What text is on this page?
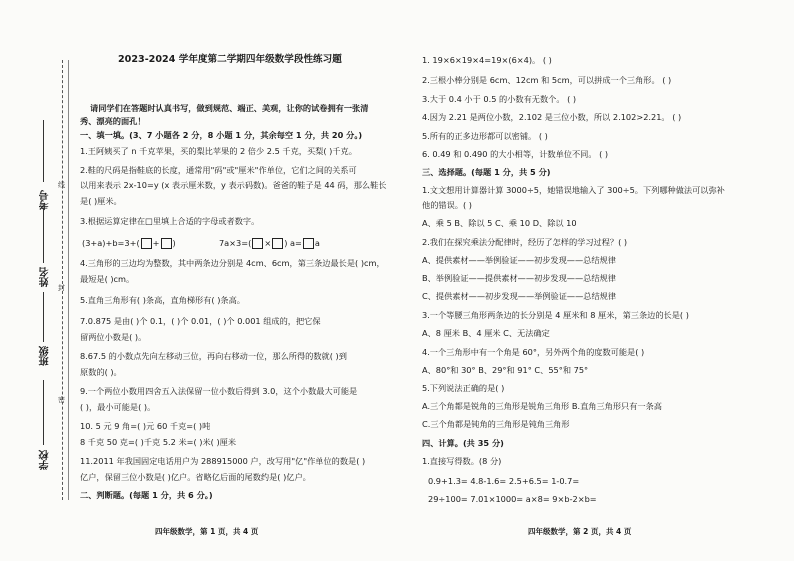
考号
姓名
班级
学校
线
封
密
2023-2024 学年度第二学期四年级数学段性练习题
请同学们在答题时认真书写，做到规范、端正、美观，让你的试卷拥有一张清
秀、漂亮的面孔！
一、填一填。(3、7 小题各 2 分，8 小题 1 分，其余每空 1 分，共 20 分。)
1.王阿姨买了 n 千克苹果，买的梨比苹果的 2 倍少 2.5 千克，买梨( )千克。
2.鞋的尺码是指鞋底的长度，通常用"码"或"厘米"作单位，它们之间的关系可
以用来表示 2x-10=y (x 表示厘米数，y 表示码数)。爸爸的鞋子是 44 码，那么鞋长
是( )厘米。
3.根据运算定律在□里填上合适的字母或者数字。
(3+a)+b=3+( + )	7a×3=( × ) a= a
4.三角形的三边均为整数，其中两条边分别是 4cm、6cm，第三条边最长是( )cm，
最短是( )cm。
5.直角三角形有( )条高，直角梯形有( )条高。
7.0.875 是由( )个 0.1，( )个 0.01，( )个 0.001 组成的，把它保
留两位小数是( )。
8.67.5 的小数点先向左移动三位，再向右移动一位，那么所得的数就( )到
原数的( )。
9.一个两位小数用四舍五入法保留一位小数后得到 3.0，这个小数最大可能是
( )，最小可能是( )。
10. 5 元 9 角=( )元 60 千克=( )吨
8 千克 50 克=( )千克 5.2 米=( )米( )厘米
11.2011 年我国固定电话用户为 288915000 户，改写用"亿"作单位的数是( )
亿户，保留三位小数是( )亿户。省略亿后面的尾数约是( )亿户。
二、判断题。(每题 1 分，共 6 分。)
四年级数学，第 1 页，共 4 页
1. 19×6×19×4=19×(6×4)。 ( )
2.三根小棒分别是 6cm、12cm 和 5cm，可以拼成一个三角形。 ( )
3.大于 0.4 小于 0.5 的小数有无数个。 ( )
4.因为 2.21 是两位小数，2.102 是三位小数，所以 2.102>2.21。 ( )
5.所有的正多边形都可以密铺。 ( )
6. 0.49 和 0.490 的大小相等，计数单位不同。 ( )
三、选择题。(每题 1 分，共 5 分)
1.文文想用计算器计算 3000÷5，她错误地输入了 300÷5。下列哪种做法可以弥补
他的错误。( )
A、乘 5 B、除以 5 C、乘 10 D、除以 10
2.我们在探究乘法分配律时，经历了怎样的学习过程？( )
A、提供素材——举例验证——初步发现——总结规律
B、举例验证——提供素材——初步发现——总结规律
C、提供素材——初步发现——举例验证——总结规律
3.一个等腰三角形两条边的长分别是 4 厘米和 8 厘米，第三条边的长是( )
A、8 厘米 B、4 厘米 C、无法确定
4.一个三角形中有一个角是 60°，另外两个角的度数可能是( )
A、80°和 30° B、29°和 91° C、55°和 75°
5.下列说法正确的是( )
A.三个角都是锐角的三角形是锐角三角形 B.直角三角形只有一条高
C.三个角都是钝角的三角形是钝角三角形
四、计算。(共 35 分)
1.直接写得数。(8 分)
0.9+1.3= 4.8-1.6= 2.5+6.5= 1-0.7=
29÷100= 7.01×1000= a×8= 9×b-2×b=
四年级数学，第 2 页，共 4 页
